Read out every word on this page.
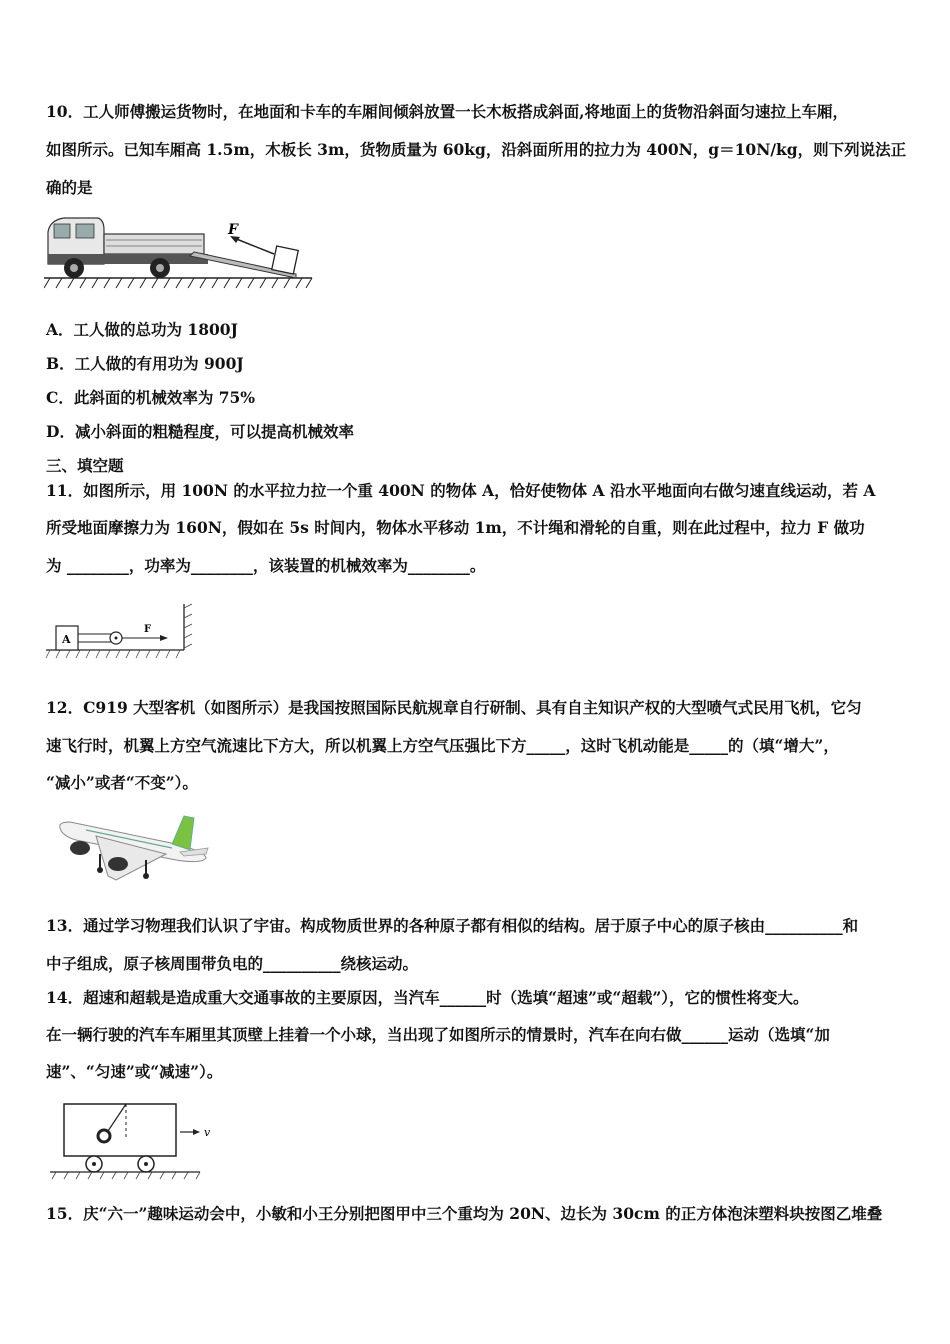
10．工人师傅搬运货物时，在地面和卡车的车厢间倾斜放置一长木板搭成斜面,将地面上的货物沿斜面匀速拉上车厢，
如图所示。已知车厢高 1.5m，木板长 3m，货物质量为 60kg，沿斜面所用的拉力为 400N，g＝10N/kg，则下列说法正
确的是
F
A．工人做的总功为 1800J
B．工人做的有用功为 900J
C．此斜面的机械效率为 75%
D．减小斜面的粗糙程度，可以提高机械效率
三、填空题
11．如图所示，用 100N 的水平拉力拉一个重 400N 的物体 A，恰好使物体 A 沿水平地面向右做匀速直线运动，若 A
所受地面摩擦力为 160N，假如在 5s 时间内，物体水平移动 1m，不计绳和滑轮的自重，则在此过程中，拉力 F 做功
为 ________，功率为________，该装置的机械效率为________。
A
F
12．C919 大型客机（如图所示）是我国按照国际民航规章自行研制、具有自主知识产权的大型喷气式民用飞机，它匀
速飞行时，机翼上方空气流速比下方大，所以机翼上方空气压强比下方_____，这时飞机动能是_____的（填“增大”，
“减小”或者“不变”）。
13．通过学习物理我们认识了宇宙。构成物质世界的各种原子都有相似的结构。居于原子中心的原子核由__________和
中子组成，原子核周围带负电的__________绕核运动。
14．超速和超载是造成重大交通事故的主要原因，当汽车______时（选填“超速”或“超载”），它的惯性将变大。
在一辆行驶的汽车车厢里其顶壁上挂着一个小球，当出现了如图所示的情景时，汽车在向右做______运动（选填“加
速”、“匀速”或“减速”）。
v
15．庆“六一”趣味运动会中，小敏和小王分别把图甲中三个重均为 20N、边长为 30cm 的正方体泡沫塑料块按图乙堆叠
